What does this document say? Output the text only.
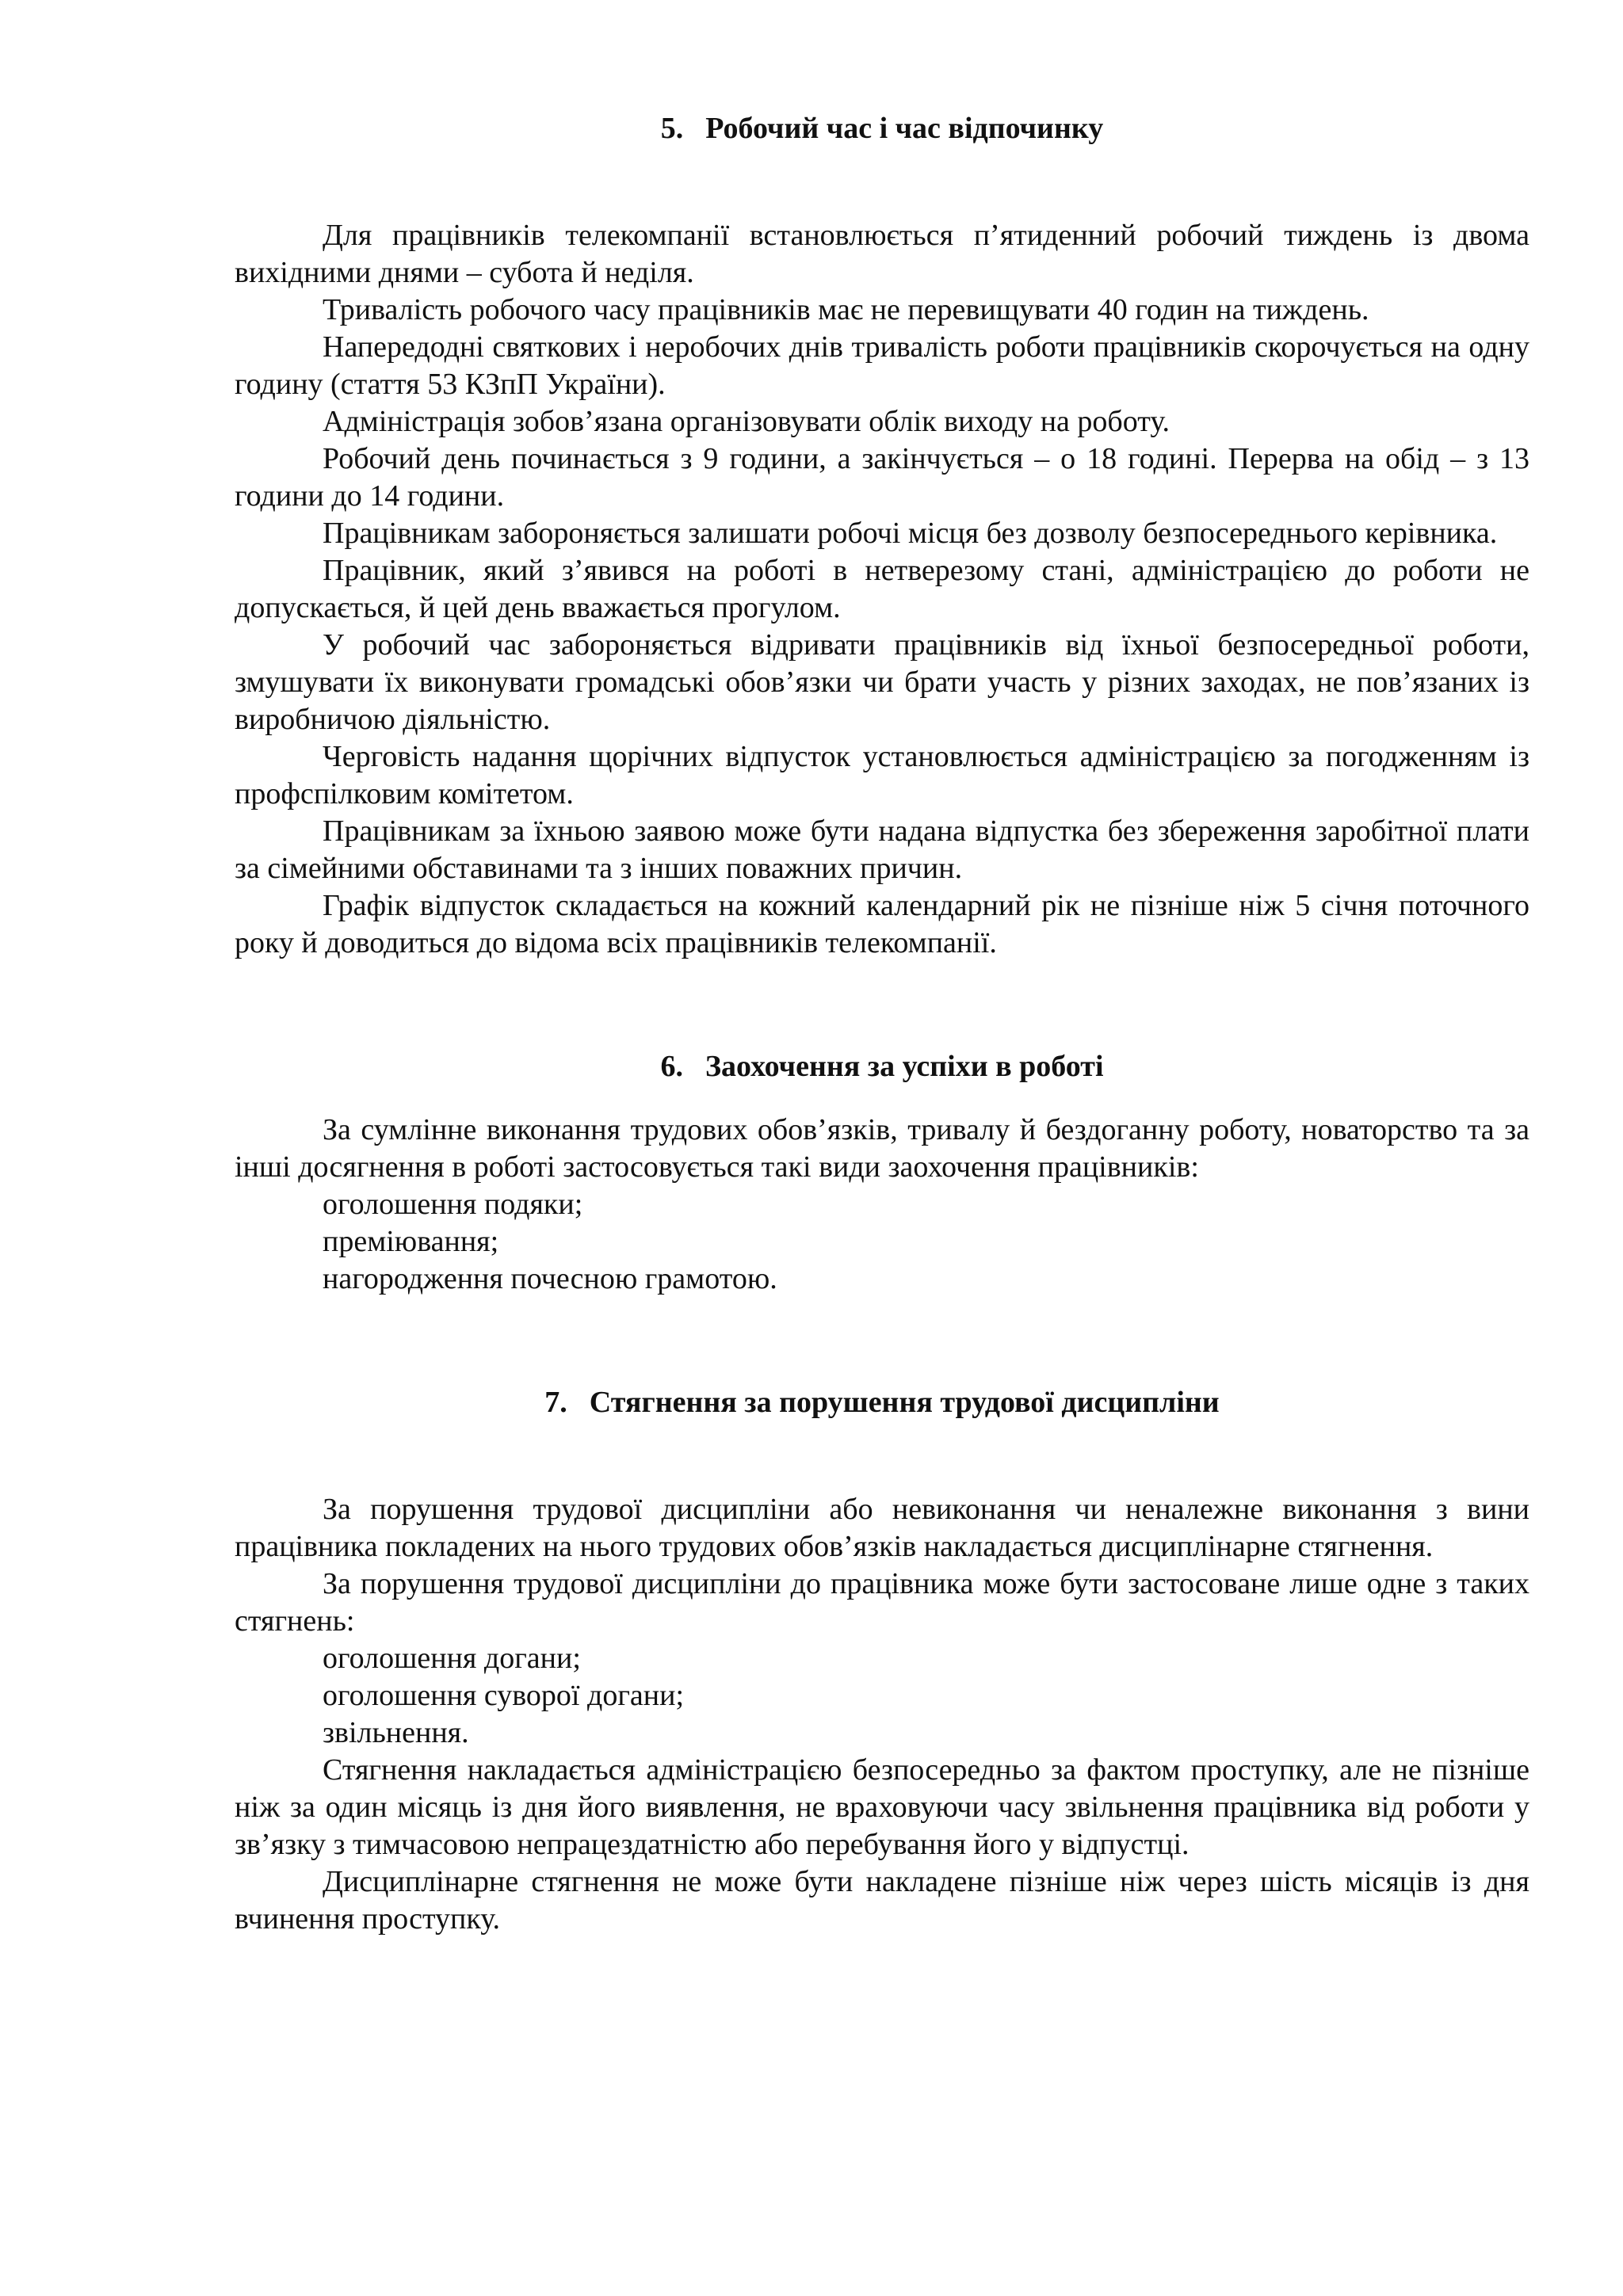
5. Робочий час і час відпочинку

Для працівників телекомпанії встановлюється п’ятиденний робочий тиждень із двома вихідними днями – субота й неділя.

Тривалість робочого часу працівників має не перевищувати 40 годин на тиждень.

Напередодні святкових і неробочих днів тривалість роботи працівників скорочується на одну годину (стаття 53 КЗпП України).

Адміністрація зобов’язана організовувати облік виходу на роботу.

Робочий день починається з 9 години, а закінчується – о 18 годині. Перерва на обід – з 13 години до 14 години.

Працівникам забороняється залишати робочі місця без дозволу безпосереднього керівника.

Працівник, який з’явився на роботі в нетверезому стані, адміністрацією до роботи не допускається, й цей день вважається прогулом.

У робочий час забороняється відривати працівників від їхньої безпосередньої роботи, змушувати їх виконувати громадські обов’язки чи брати участь у різних заходах, не пов’язаних із виробничою діяльністю.

Черговість надання щорічних відпусток установлюється адміністрацією за погодженням із профспілковим комітетом.

Працівникам за їхньою заявою може бути надана відпустка без збереження заробітної плати за сімейними обставинами та з інших поважних причин.

Графік відпусток складається на кожний календарний рік не пізніше ніж 5 січня поточного року й доводиться до відома всіх працівників телекомпанії.

6. Заохочення за успіхи в роботі

За сумлінне виконання трудових обов’язків, тривалу й бездоганну роботу, новаторство та за інші досягнення в роботі застосовується такі види заохочення працівників:

оголошення подяки;

преміювання;

нагородження почесною грамотою.

7. Стягнення за порушення трудової дисципліни

За порушення трудової дисципліни або невиконання чи неналежне виконання з вини працівника покладених на нього трудових обов’язків накладається дисциплінарне стягнення.

За порушення трудової дисципліни до працівника може бути застосоване лише одне з таких стягнень:

оголошення догани;

оголошення суворої догани;

звільнення.

Стягнення накладається адміністрацією безпосередньо за фактом проступку, але не пізніше ніж за один місяць із дня його виявлення, не враховуючи часу звільнення працівника від роботи у зв’язку з тимчасовою непрацездатністю або перебування його у відпустці.

Дисциплінарне стягнення не може бути накладене пізніше ніж через шість місяців із дня вчинення проступку.
